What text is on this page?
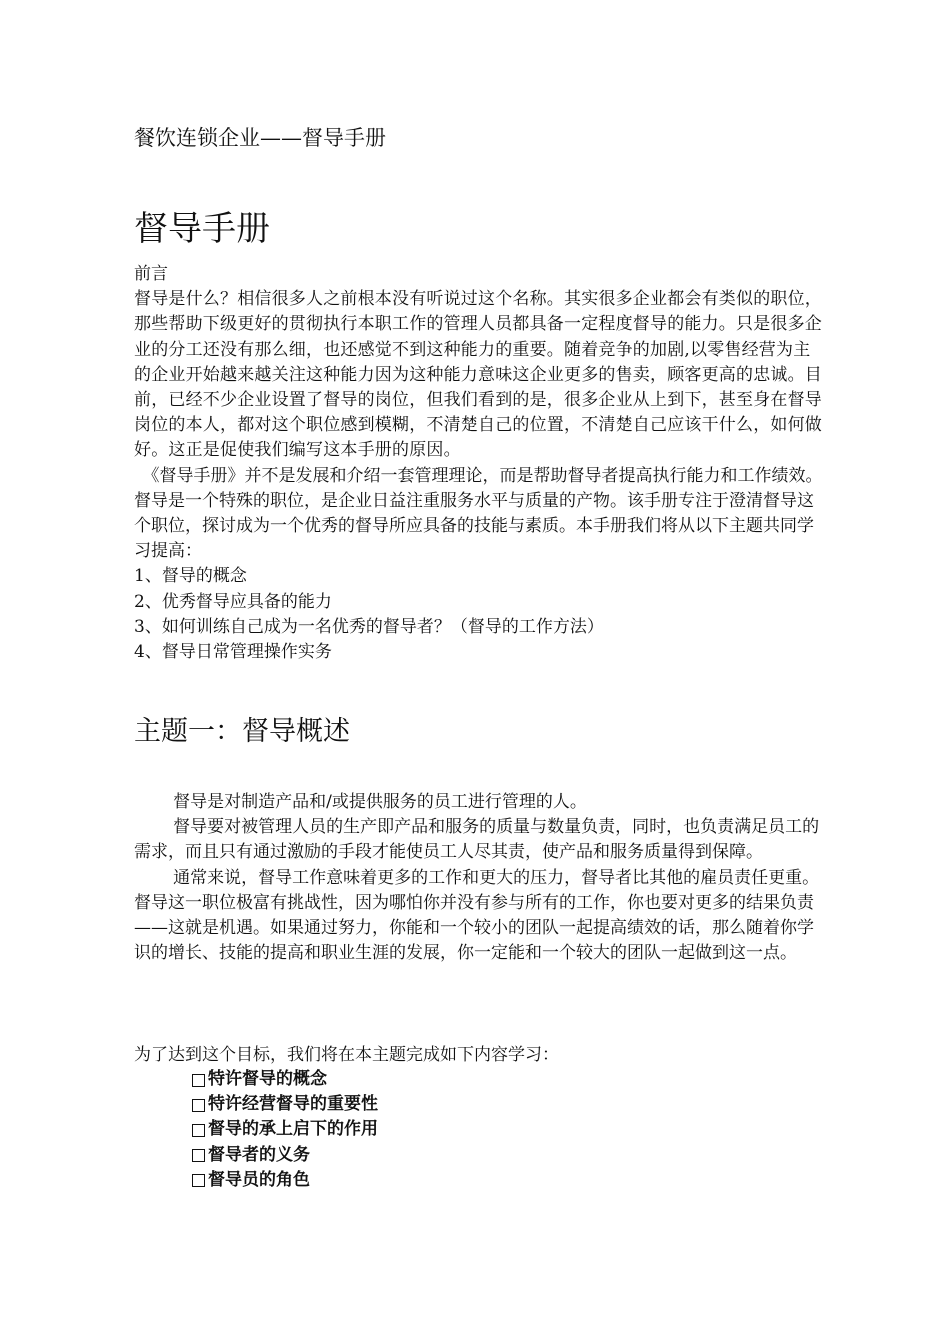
餐饮连锁企业——督导手册
督导手册

前言

督导是什么？相信很多人之前根本没有听说过这个名称。其实很多企业都会有类似的职位，那些帮助下级更好的贯彻执行本职工作的管理人员都具备一定程度督导的能力。只是很多企业的分工还没有那么细，也还感觉不到这种能力的重要。随着竞争的加剧,以零售经营为主的企业开始越来越关注这种能力因为这种能力意味这企业更多的售卖，顾客更高的忠诚。目前，已经不少企业设置了督导的岗位，但我们看到的是，很多企业从上到下，甚至身在督导岗位的本人，都对这个职位感到模糊，不清楚自己的位置，不清楚自己应该干什么，如何做好。这正是促使我们编写这本手册的原因。

《督导手册》并不是发展和介绍一套管理理论，而是帮助督导者提高执行能力和工作绩效。督导是一个特殊的职位，是企业日益注重服务水平与质量的产物。该手册专注于澄清督导这个职位，探讨成为一个优秀的督导所应具备的技能与素质。本手册我们将从以下主题共同学习提高：

1、督导的概念
2、优秀督导应具备的能力
3、如何训练自己成为一名优秀的督导者？（督导的工作方法）
4、督导日常管理操作实务
主题一：督导概述

督导是对制造产品和/或提供服务的员工进行管理的人。

督导要对被管理人员的生产即产品和服务的质量与数量负责，同时，也负责满足员工的需求，而且只有通过激励的手段才能使员工人尽其责，使产品和服务质量得到保障。

通常来说，督导工作意味着更多的工作和更大的压力，督导者比其他的雇员责任更重。督导这一职位极富有挑战性，因为哪怕你并没有参与所有的工作，你也要对更多的结果负责——这就是机遇。如果通过努力，你能和一个较小的团队一起提高绩效的话，那么随着你学识的增长、技能的提高和职业生涯的发展，你一定能和一个较大的团队一起做到这一点。

为了达到这个目标，我们将在本主题完成如下内容学习：

特许督导的概念
特许经营督导的重要性
督导的承上启下的作用
督导者的义务
督导员的角色
